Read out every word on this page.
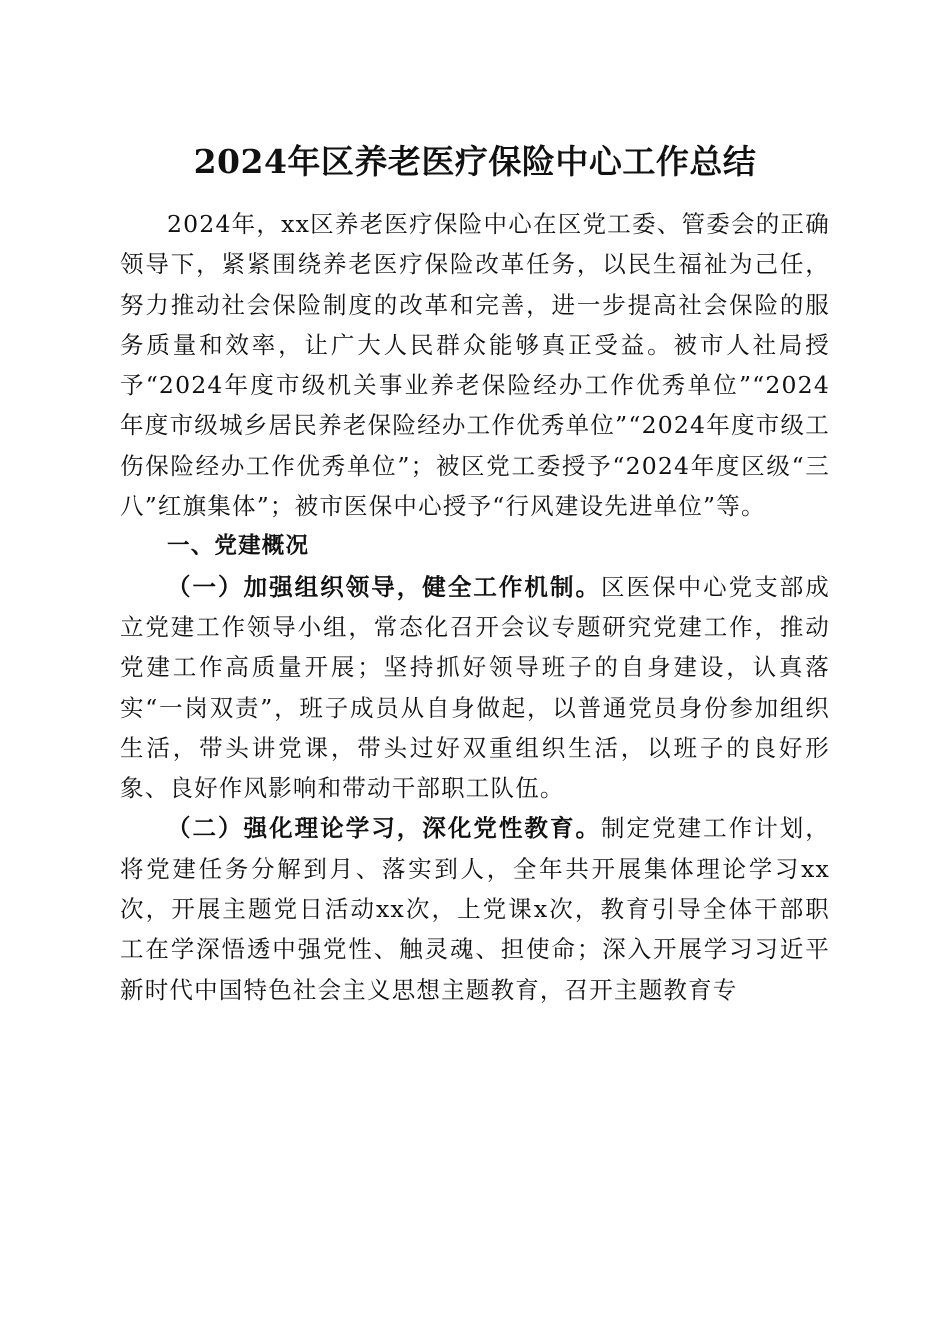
2024年区养老医疗保险中心工作总结

2024年，xx区养老医疗保险中心在区党工委、管委会的正确领导下，紧紧围绕养老医疗保险改革任务，以民生福祉为己任，努力推动社会保险制度的改革和完善，进一步提高社会保险的服务质量和效率，让广大人民群众能够真正受益。被市人社局授予“2024年度市级机关事业养老保险经办工作优秀单位”“2024年度市级城乡居民养老保险经办工作优秀单位”“2024年度市级工伤保险经办工作优秀单位”；被区党工委授予“2024年度区级“三八”红旗集体”；被市医保中心授予“行风建设先进单位”等。

一、党建概况

（一）加强组织领导，健全工作机制。区医保中心党支部成立党建工作领导小组，常态化召开会议专题研究党建工作，推动党建工作高质量开展；坚持抓好领导班子的自身建设，认真落实“一岗双责”，班子成员从自身做起，以普通党员身份参加组织生活，带头讲党课，带头过好双重组织生活，以班子的良好形象、良好作风影响和带动干部职工队伍。

（二）强化理论学习，深化党性教育。制定党建工作计划，将党建任务分解到月、落实到人，全年共开展集体理论学习xx次，开展主题党日活动xx次，上党课x次，教育引导全体干部职工在学深悟透中强党性、触灵魂、担使命；深入开展学习习近平新时代中国特色社会主义思想主题教育，召开主题教育专
